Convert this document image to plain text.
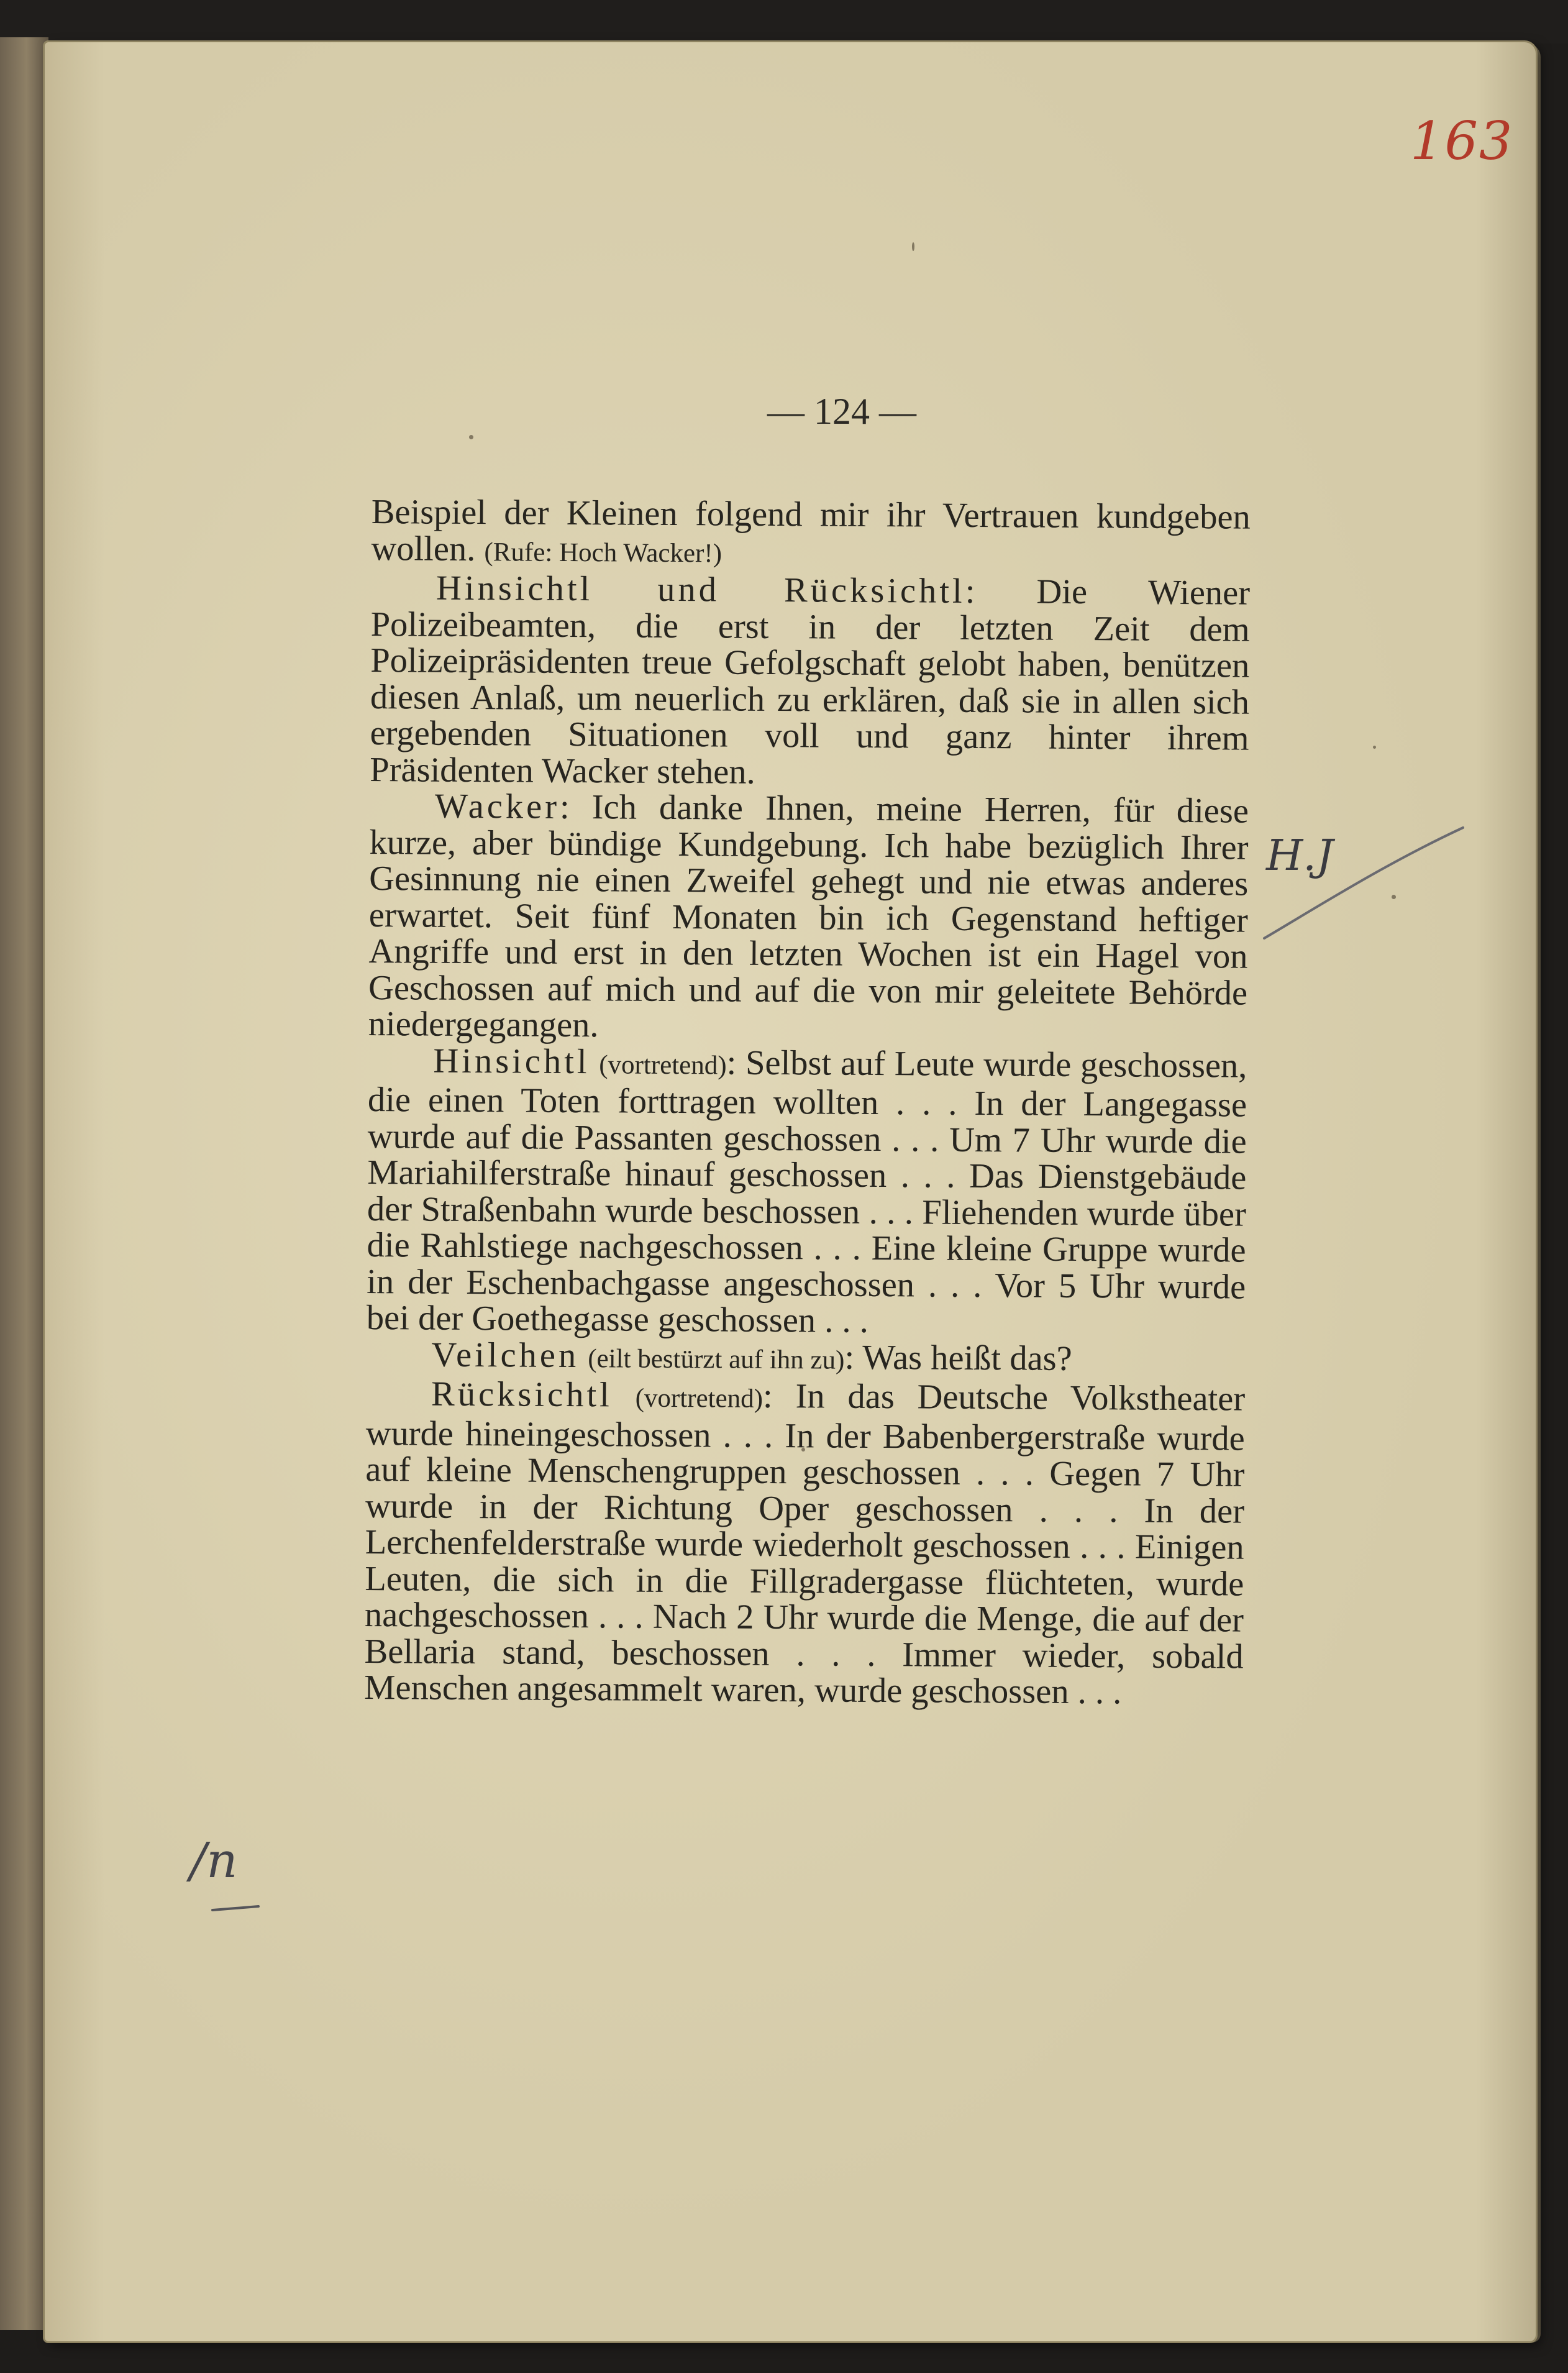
163

— 124 —

Beispiel der Kleinen folgend mir ihr Vertrauen kundgeben wollen. (Rufe: Hoch Wacker!)

Hinsichtl und Rücksichtl: Die Wiener Polizeibeamten, die erst in der letzten Zeit dem Polizeipräsidenten treue Gefolgschaft gelobt haben, benützen diesen Anlaß, um neuerlich zu erklären, daß sie in allen sich ergebenden Situationen voll und ganz hinter ihrem Präsidenten Wacker stehen.

Wacker: Ich danke Ihnen, meine Herren, für diese kurze, aber bündige Kundgebung. Ich habe bezüglich Ihrer Gesinnung nie einen Zweifel gehegt und nie etwas anderes erwartet. Seit fünf Monaten bin ich Gegenstand heftiger Angriffe und erst in den letzten Wochen ist ein Hagel von Geschossen auf mich und auf die von mir geleitete Behörde niedergegangen.

Hinsichtl (vortretend): Selbst auf Leute wurde geschossen, die einen Toten forttragen wollten . . . In der Langegasse wurde auf die Passanten geschossen . . . Um 7 Uhr wurde die Mariahilferstraße hinauf geschossen . . . Das Dienstgebäude der Straßenbahn wurde beschossen . . . Fliehenden wurde über die Rahlstiege nachgeschossen . . . Eine kleine Gruppe wurde in der Eschenbachgasse angeschossen . . . Vor 5 Uhr wurde bei der Goethegasse geschossen . . .

Veilchen (eilt bestürzt auf ihn zu): Was heißt das?

Rücksichtl (vortretend): In das Deutsche Volkstheater wurde hineingeschossen . . . In der Babenbergerstraße wurde auf kleine Menschengruppen geschossen . . . Gegen 7 Uhr wurde in der Richtung Oper geschossen . . . In der Lerchenfelderstraße wurde wiederholt geschossen . . . Einigen Leuten, die sich in die Fillgradergasse flüchteten, wurde nachgeschossen . . . Nach 2 Uhr wurde die Menge, die auf der Bellaria stand, beschossen . . . Immer wieder, sobald Menschen angesammelt waren, wurde geschossen . . .

H.J

/n
